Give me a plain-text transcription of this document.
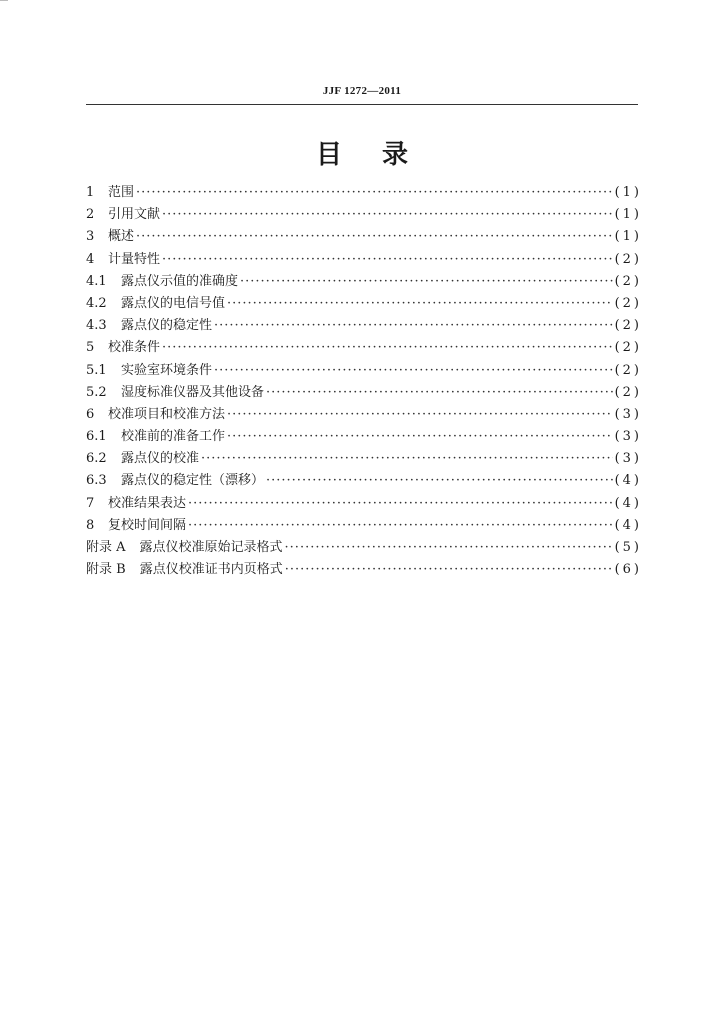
JJF 1272—2011
目录
1	范围 ·····	(1)
2	引用文献 ·····	(1)
3	概述 ·····	(1)
4	计量特性 ·····	(2)
4.1	露点仪示值的准确度 ·····	(2)
4.2	露点仪的电信号值 ·····	(2)
4.3	露点仪的稳定性 ·····	(2)
5	校准条件 ·····	(2)
5.1	实验室环境条件 ·····	(2)
5.2	湿度标准仪器及其他设备 ·····	(2)
6	校准项目和校准方法 ·····	(3)
6.1	校准前的准备工作 ·····	(3)
6.2	露点仪的校准 ·····	(3)
6.3	露点仪的稳定性（漂移） ·····	(4)
7	校准结果表达 ·····	(4)
8	复校时间间隔 ·····	(4)
附录 A 露点仪校准原始记录格式 ·····	(5)
附录 B 露点仪校准证书内页格式 ·····	(6)
